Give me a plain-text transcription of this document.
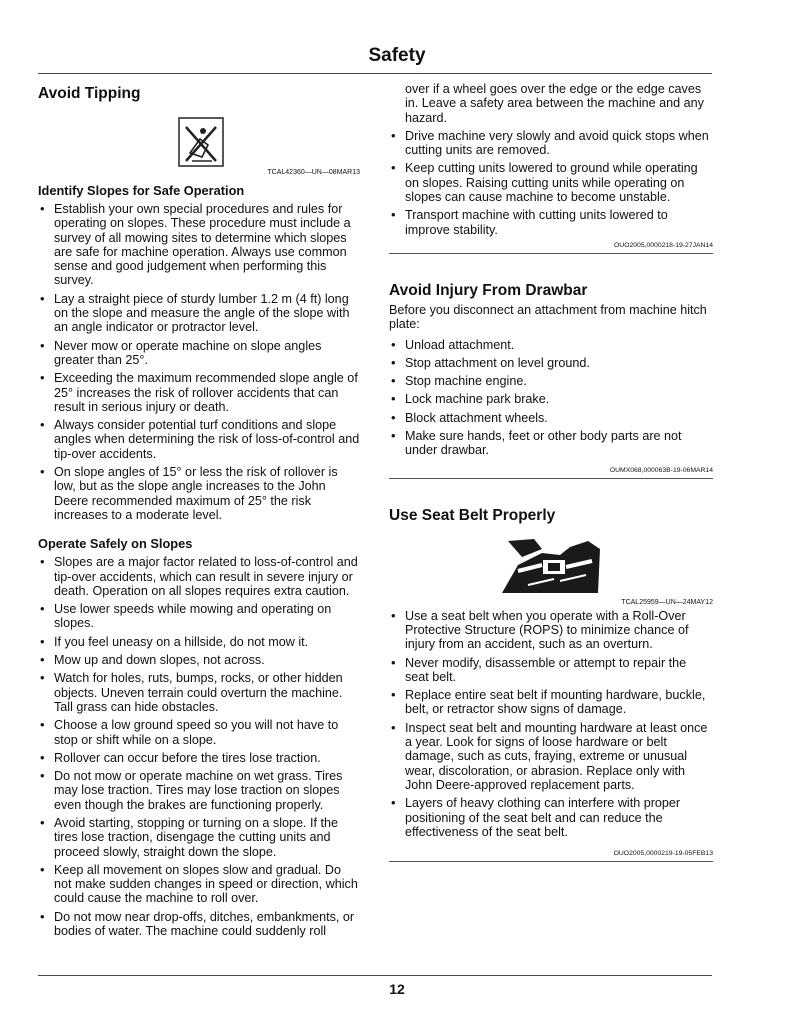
Safety
Avoid Tipping
TCAL42360—UN—08MAR13
Identify Slopes for Safe Operation
• Establish your own special procedures and rules for operating on slopes. These procedure must include a survey of all mowing sites to determine which slopes are safe for machine operation. Always use common sense and good judgement when performing this survey.
• Lay a straight piece of sturdy lumber 1.2 m (4 ft) long on the slope and measure the angle of the slope with an angle indicator or protractor level.
• Never mow or operate machine on slope angles greater than 25°.
• Exceeding the maximum recommended slope angle of 25° increases the risk of rollover accidents that can result in serious injury or death.
• Always consider potential turf conditions and slope angles when determining the risk of loss-of-control and tip-over accidents.
• On slope angles of 15° or less the risk of rollover is low, but as the slope angle increases to the John Deere recommended maximum of 25° the risk increases to a moderate level.
Operate Safely on Slopes
• Slopes are a major factor related to loss-of-control and tip-over accidents, which can result in severe injury or death. Operation on all slopes requires extra caution.
• Use lower speeds while mowing and operating on slopes.
• If you feel uneasy on a hillside, do not mow it.
• Mow up and down slopes, not across.
• Watch for holes, ruts, bumps, rocks, or other hidden objects. Uneven terrain could overturn the machine. Tall grass can hide obstacles.
• Choose a low ground speed so you will not have to stop or shift while on a slope.
• Rollover can occur before the tires lose traction.
• Do not mow or operate machine on wet grass. Tires may lose traction. Tires may lose traction on slopes even though the brakes are functioning properly.
• Avoid starting, stopping or turning on a slope. If the tires lose traction, disengage the cutting units and proceed slowly, straight down the slope.
• Keep all movement on slopes slow and gradual. Do not make sudden changes in speed or direction, which could cause the machine to roll over.
• Do not mow near drop-offs, ditches, embankments, or bodies of water. The machine could suddenly roll

over if a wheel goes over the edge or the edge caves in. Leave a safety area between the machine and any hazard.

• Drive machine very slowly and avoid quick stops when cutting units are removed.
• Keep cutting units lowered to ground while operating on slopes. Raising cutting units while operating on slopes can cause machine to become unstable.
• Transport machine with cutting units lowered to improve stability.
OUO2005,0000218-19-27JAN14
Avoid Injury From Drawbar

Before you disconnect an attachment from machine hitch plate:

• Unload attachment.
• Stop attachment on level ground.
• Stop machine engine.
• Lock machine park brake.
• Block attachment wheels.
• Make sure hands, feet or other body parts are not under drawbar.
OUMX068,000063B-19-06MAR14
Use Seat Belt Properly
TCAL25959—UN—24MAY12
• Use a seat belt when you operate with a Roll-Over Protective Structure (ROPS) to minimize chance of injury from an accident, such as an overturn.
• Never modify, disassemble or attempt to repair the seat belt.
• Replace entire seat belt if mounting hardware, buckle, belt, or retractor show signs of damage.
• Inspect seat belt and mounting hardware at least once a year. Look for signs of loose hardware or belt damage, such as cuts, fraying, extreme or unusual wear, discoloration, or abrasion. Replace only with John Deere-approved replacement parts.
• Layers of heavy clothing can interfere with proper positioning of the seat belt and can reduce the effectiveness of the seat belt.
OUO2005,0000219-19-05FEB13
12
